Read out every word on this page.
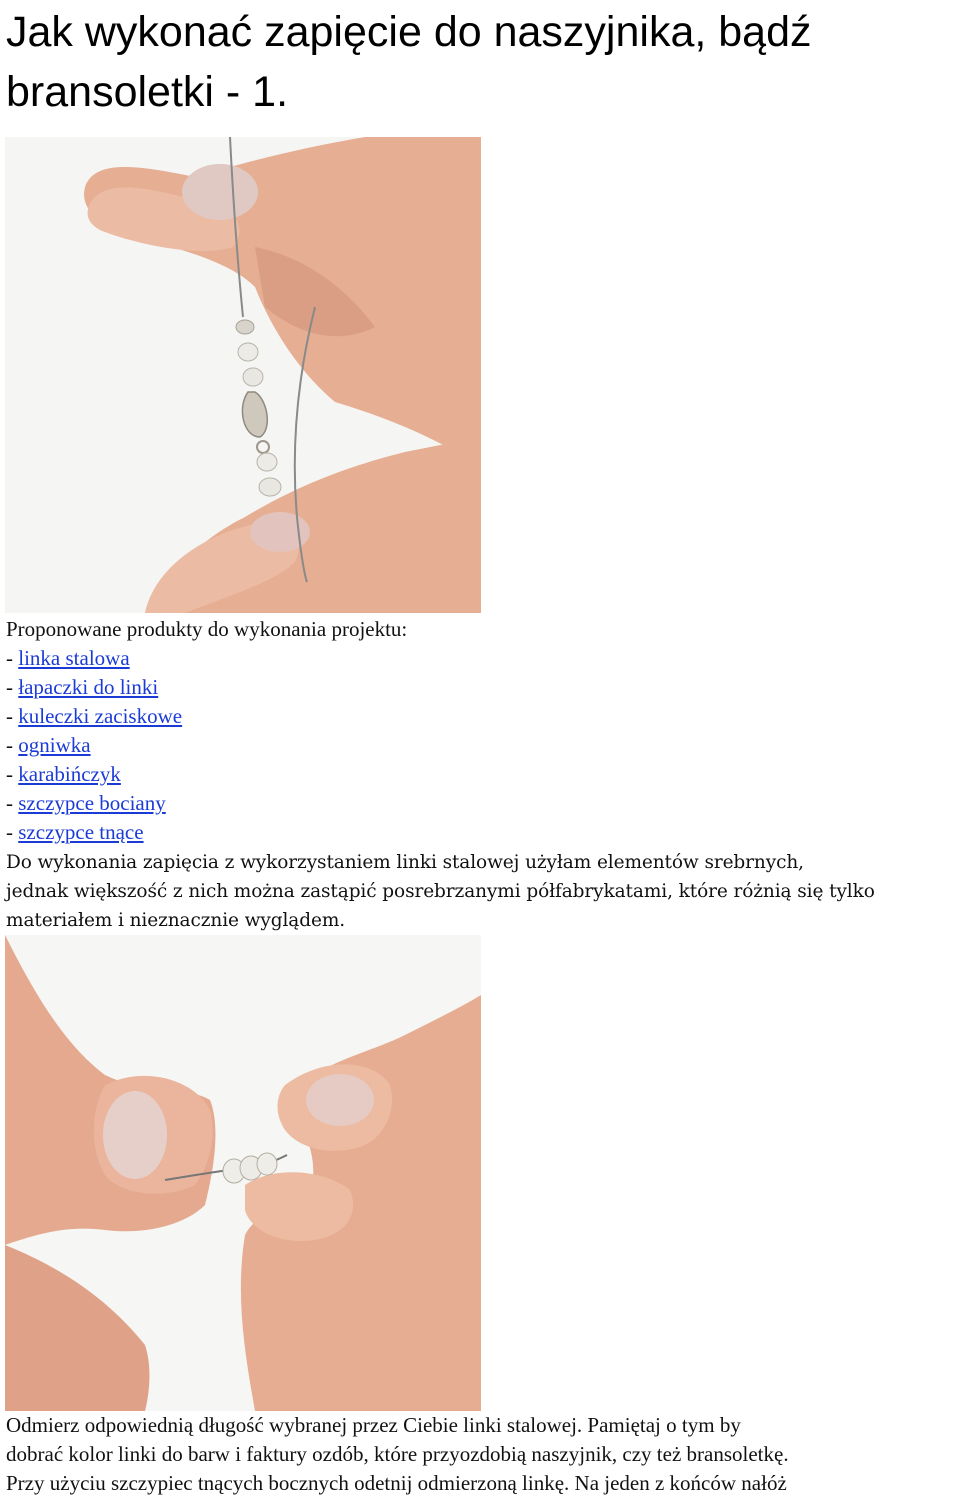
Jak wykonać zapięcie do naszyjnika, bądź
bransoletki - 1.
Proponowane produkty do wykonania projektu:
- linka stalowa
- łapaczki do linki
- kuleczki zaciskowe
- ogniwka
- karabińczyk
- szczypce bociany
- szczypce tnące
Do wykonania zapięcia z wykorzystaniem linki stalowej użyłam elementów srebrnych,
jednak większość z nich można zastąpić posrebrzanymi półfabrykatami, które różnią się tylko
materiałem i nieznacznie wyglądem.
Odmierz odpowiednią długość wybranej przez Ciebie linki stalowej. Pamiętaj o tym by
dobrać kolor linki do barw i faktury ozdób, które przyozdobią naszyjnik, czy też bransoletkę.
Przy użyciu szczypiec tnących bocznych odetnij odmierzoną linkę. Na jeden z końców nałóż
